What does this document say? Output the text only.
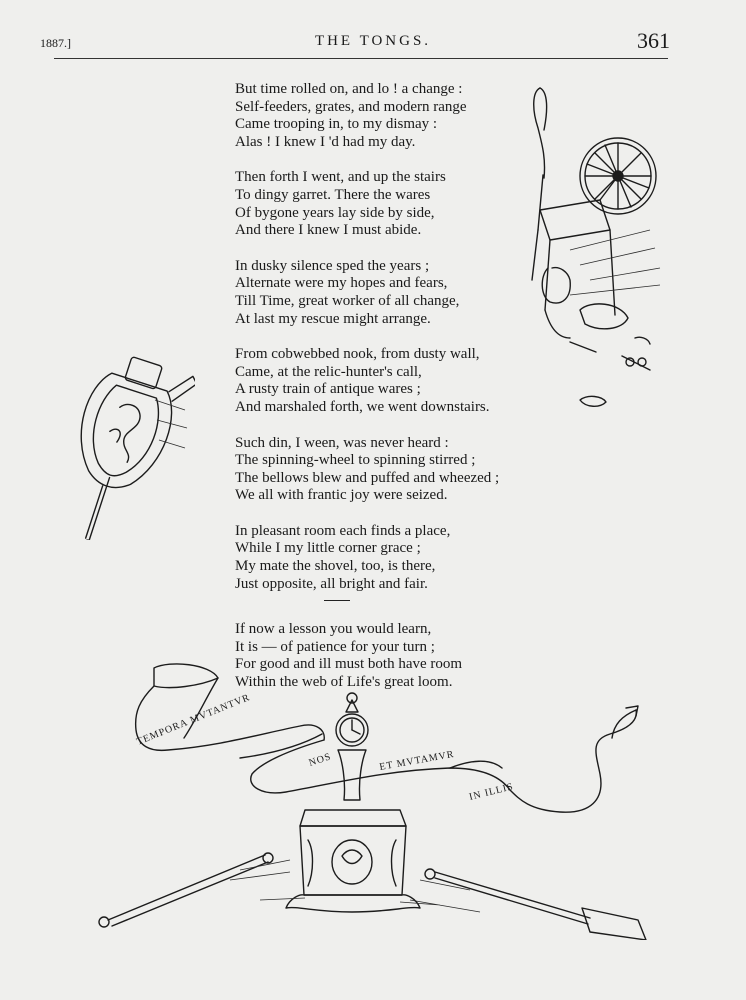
1887.]	THE TONGS.	361
But time rolled on, and lo ! a change :
Self-feeders, grates, and modern range
Came trooping in, to my dismay :
Alas ! I knew I 'd had my day.
Then forth I went, and up the stairs
To dingy garret. There the wares
Of bygone years lay side by side,
And there I knew I must abide.
In dusky silence sped the years ;
Alternate were my hopes and fears,
Till Time, great worker of all change,
At last my rescue might arrange.
From cobwebbed nook, from dusty wall,
Came, at the relic-hunter's call,
A rusty train of antique wares ;
And marshaled forth, we went downstairs.
Such din, I ween, was never heard :
The spinning-wheel to spinning stirred ;
The bellows blew and puffed and wheezed ;
We all with frantic joy were seized.
In pleasant room each finds a place,
While I my little corner grace ;
My mate the shovel, too, is there,
Just opposite, all bright and fair.
If now a lesson you would learn,
It is — of patience for your turn ;
For good and ill must both have room
Within the web of Life's great loom.
TEMPORA MVTANTVR
NOS	ET MVTAMVR
IN ILLIS
